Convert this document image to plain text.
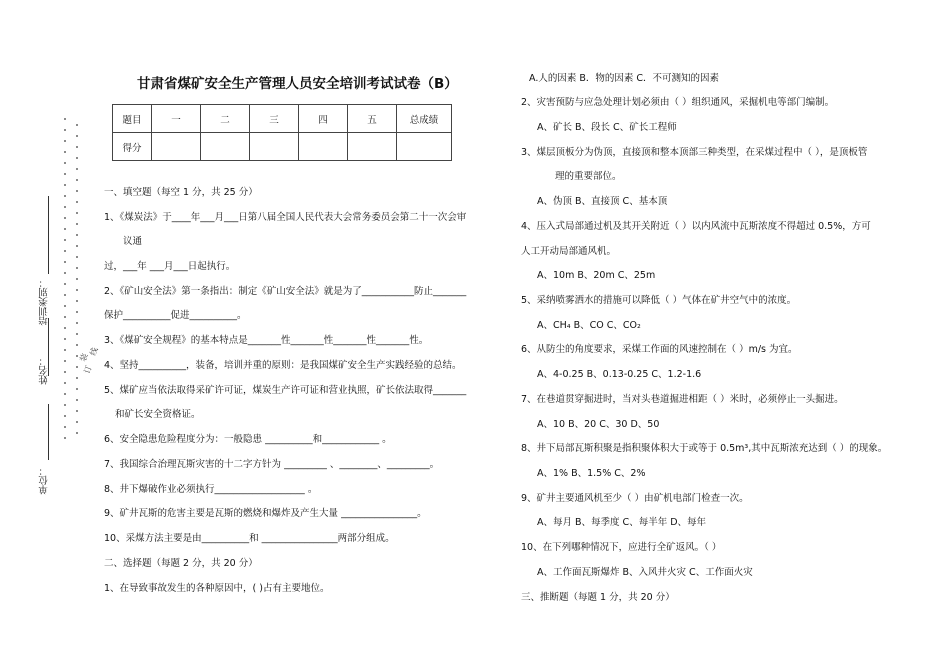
甘肃省煤矿安全生产管理人员安全培训考试试卷（B）
培训类别：
姓名：
单位：
装
订
线
题目	一	二	三	四	五	总成绩
得分						
一、填空题（每空 1 分，共 25 分）
1、《煤炭法》于____年___月___日第八届全国人民代表大会常务委员会第二十一次会审
议通
过，___年 ___月___日起执行。
2、《矿山安全法》第一条指出：制定《矿山安全法》就是为了___________防止_______
保护__________促进__________。
3、《煤矿安全规程》的基本特点是_______性_______性_______性_______性。
4、坚持__________，装备，培训并重的原则：是我国煤矿安全生产实践经验的总结。
5、煤矿应当依法取得采矿许可证，煤炭生产许可证和营业执照，矿长依法取得_______
和矿长安全资格证。
6、安全隐患危险程度分为：一般隐患 __________和____________ 。
7、我国综合治理瓦斯灾害的十二字方针为 _________ 、________、_________。
8、井下爆破作业必须执行___________________ 。
9、矿井瓦斯的危害主要是瓦斯的燃烧和爆炸及产生大量 ________________。
10、采煤方法主要是由__________和 ________________两部分组成。
二、选择题（每题 2 分，共 20 分）
1、在导致事故发生的各种原因中，( )占有主要地位。
A.人的因素 B．物的因素 C．不可测知的因素
2、灾害预防与应急处理计划必须由（ ）组织通风，采掘机电等部门编制。
A、矿长 B、段长 C、矿长工程师
3、煤层顶板分为伪顶，直接顶和整本顶部三种类型，在采煤过程中（ ），是顶板管
理的重要部位。
A、伪顶 B、直接顶 C、基本顶
4、压入式局部通过机及其开关附近（ ）以内风流中瓦斯浓度不得超过 0.5%，方可
人工开动局部通风机。
A、10m B、20m C、25m
5、采纳喷雾洒水的措施可以降低（ ）气体在矿井空气中的浓度。
A、CH₄ B、CO C、CO₂
6、从防尘的角度要求，采煤工作面的风速控制在（ ）m/s 为宜。
A、4-0.25 B、0.13-0.25 C、1.2-1.6
7、在巷道贯穿掘进时，当对头巷道掘进相距（ ）米时，必须停止一头掘进。
A、10 B、20 C、30 D、50
8、井下局部瓦斯积聚是指积聚体积大于或等于 0.5m³,其中瓦斯浓充达到（ ）的现象。
A、1% B、1.5% C、2%
9、矿井主要通风机至少（ ）由矿机电部门检查一次。
A、每月 B、每季度 C、每半年 D、每年
10、在下列哪种情况下，应进行全矿返风。（ ）
A、工作面瓦斯爆炸 B、入风井火灾 C、工作面火灾
三、推断题（每题 1 分，共 20 分）
